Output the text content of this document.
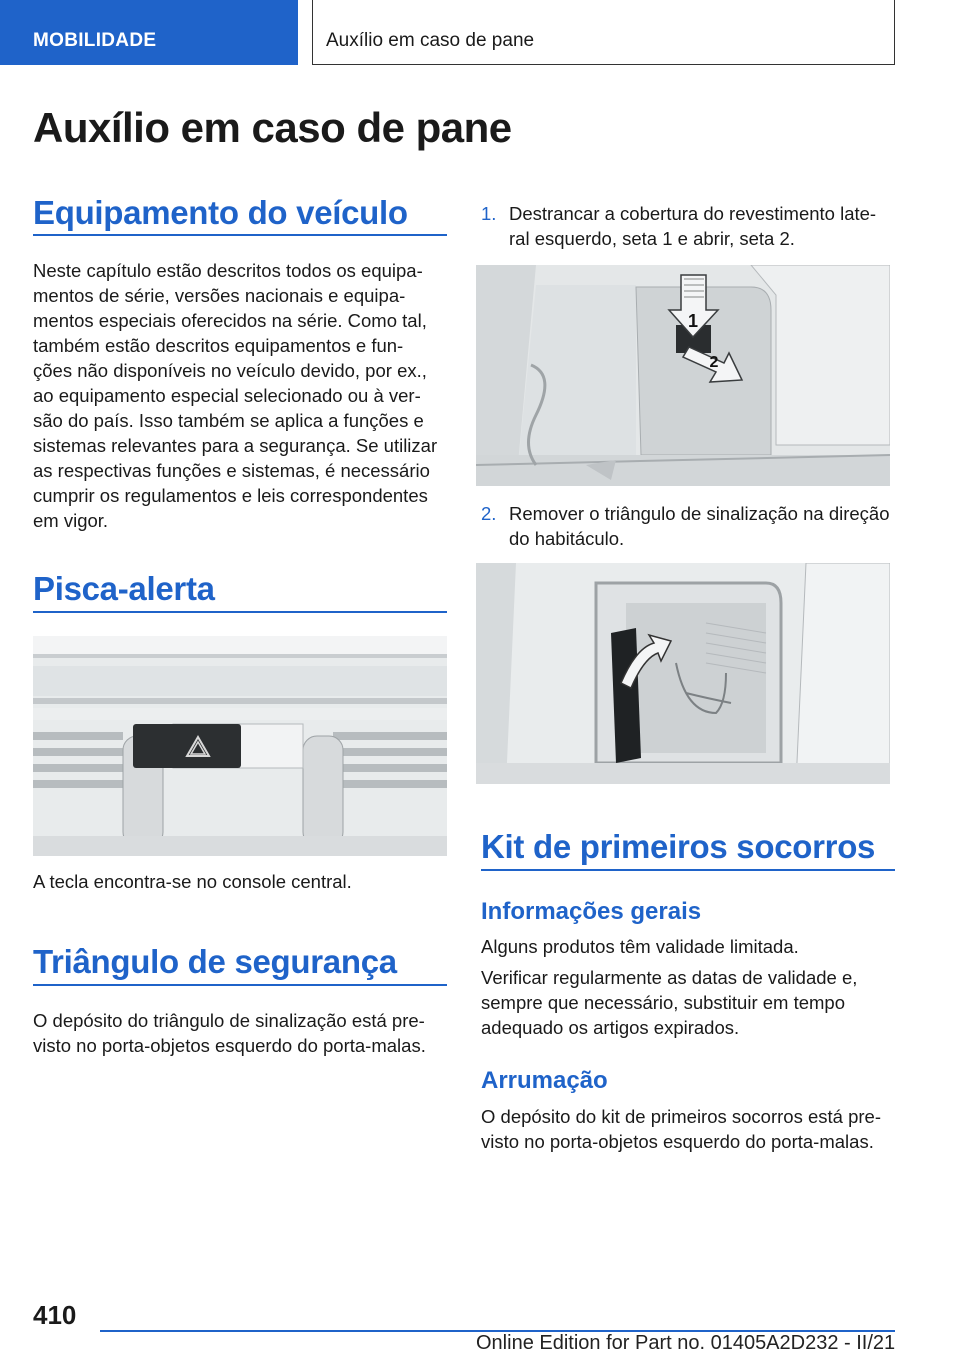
MOBILIDADE	Auxílio em caso de pane
Auxílio em caso de pane
Equipamento do veículo
Neste capítulo estão descritos todos os equipa‐
mentos de série, versões nacionais e equipa‐
mentos especiais oferecidos na série. Como tal,
também estão descritos equipamentos e fun‐
ções não disponíveis no veículo devido, por ex.,
ao equipamento especial selecionado ou à ver‐
são do país. Isso também se aplica a funções e
sistemas relevantes para a segurança. Se utilizar
as respectivas funções e sistemas, é necessário
cumprir os regulamentos e leis correspondentes
em vigor.
Pisca-alerta
A tecla encontra-se no console central.
Triângulo de segurança
O depósito do triângulo de sinalização está pre‐
visto no porta-objetos esquerdo do porta-malas.
1. Destrancar a cobertura do revestimento late‐
ral esquerdo, seta 1 e abrir, seta 2.
1
2
2. Remover o triângulo de sinalização na direção
do habitáculo.
Kit de primeiros socorros
Informações gerais
Alguns produtos têm validade limitada.
Verificar regularmente as datas de validade e,
sempre que necessário, substituir em tempo
adequado os artigos expirados.
Arrumação
O depósito do kit de primeiros socorros está pre‐
visto no porta-objetos esquerdo do porta-malas.
410
Online Edition for Part no. 01405A2D232 - II/21
